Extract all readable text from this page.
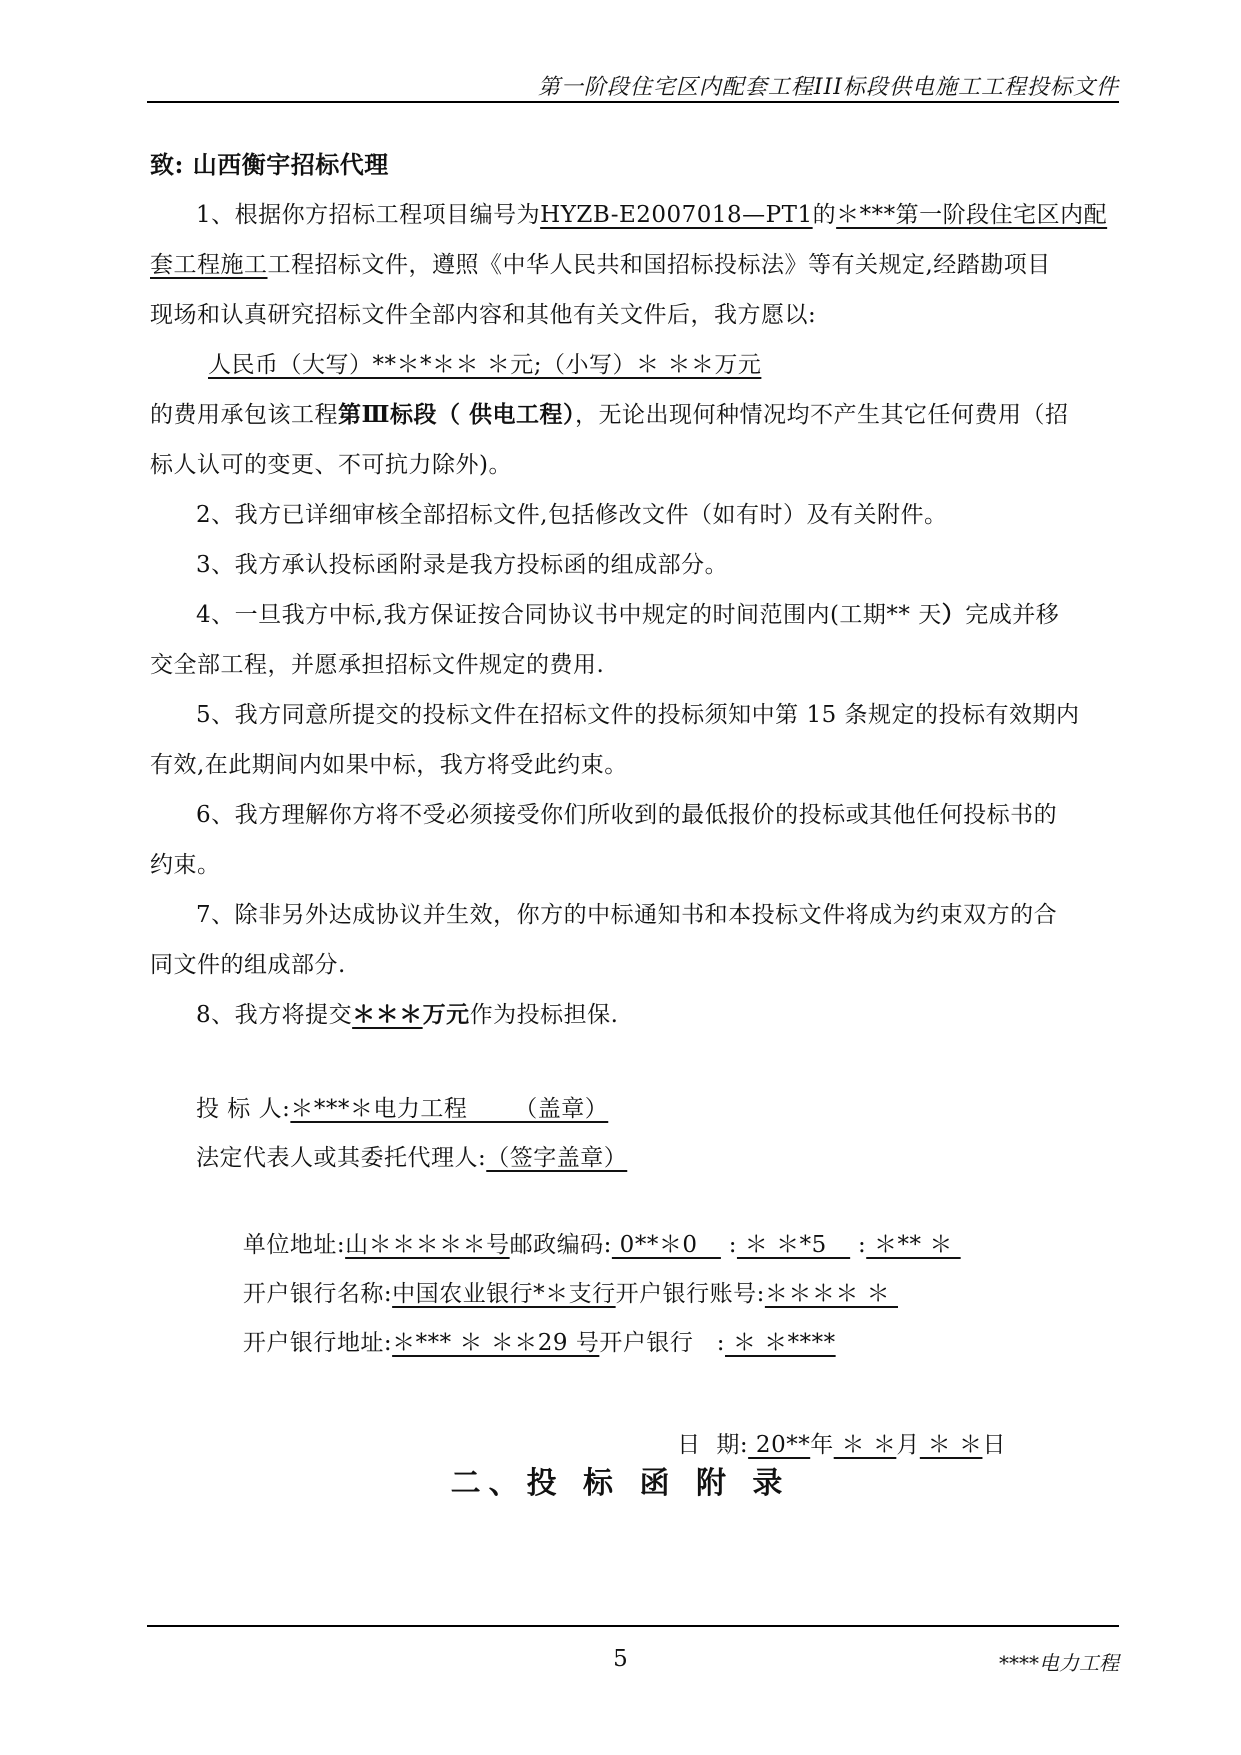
第一阶段住宅区内配套工程III标段供电施工工程投标文件
致: 山西衡宇招标代理
1、根据你方招标工程项目编号为HYZB-E2007018—PT1的＊***第一阶段住宅区内配
套工程施工工程招标文件，遵照《中华人民共和国招标投标法》等有关规定,经踏勘项目
现场和认真研究招标文件全部内容和其他有关文件后，我方愿以:
人民币（大写）**＊*＊＊ ＊元;（小写）＊ ＊＊万元
的费用承包该工程第Ⅲ标段（ 供电工程），无论出现何种情况均不产生其它任何费用（招
标人认可的变更、不可抗力除外)。
2、我方已详细审核全部招标文件,包括修改文件（如有时）及有关附件。
3、我方承认投标函附录是我方投标函的组成部分。
4、一旦我方中标,我方保证按合同协议书中规定的时间范围内(工期** 天）完成并移
交全部工程，并愿承担招标文件规定的费用.
5、我方同意所提交的投标文件在招标文件的投标须知中第 15 条规定的投标有效期内
有效,在此期间内如果中标，我方将受此约束。
6、我方理解你方将不受必须接受你们所收到的最低报价的投标或其他任何投标书的
约束。
7、除非另外达成协议并生效，你方的中标通知书和本投标文件将成为约束双方的合
同文件的组成部分.
8、我方将提交＊＊＊万元作为投标担保.
投 标 人:＊***＊电力工程      （盖章）
法定代表人或其委托代理人:（签字盖章）

单位地址:山＊＊＊＊＊号邮政编码: 0**＊0    : ＊ ＊*5    : ＊** ＊

开户银行名称:中国农业银行*＊支行开户银行账号:＊＊＊＊ ＊

开户银行地址:＊*** ＊ ＊＊29 号开户银行   : ＊ ＊****

日  期: 20**年 ＊ ＊月 ＊ ＊日

二、投 标 函 附 录
5	****电力工程
